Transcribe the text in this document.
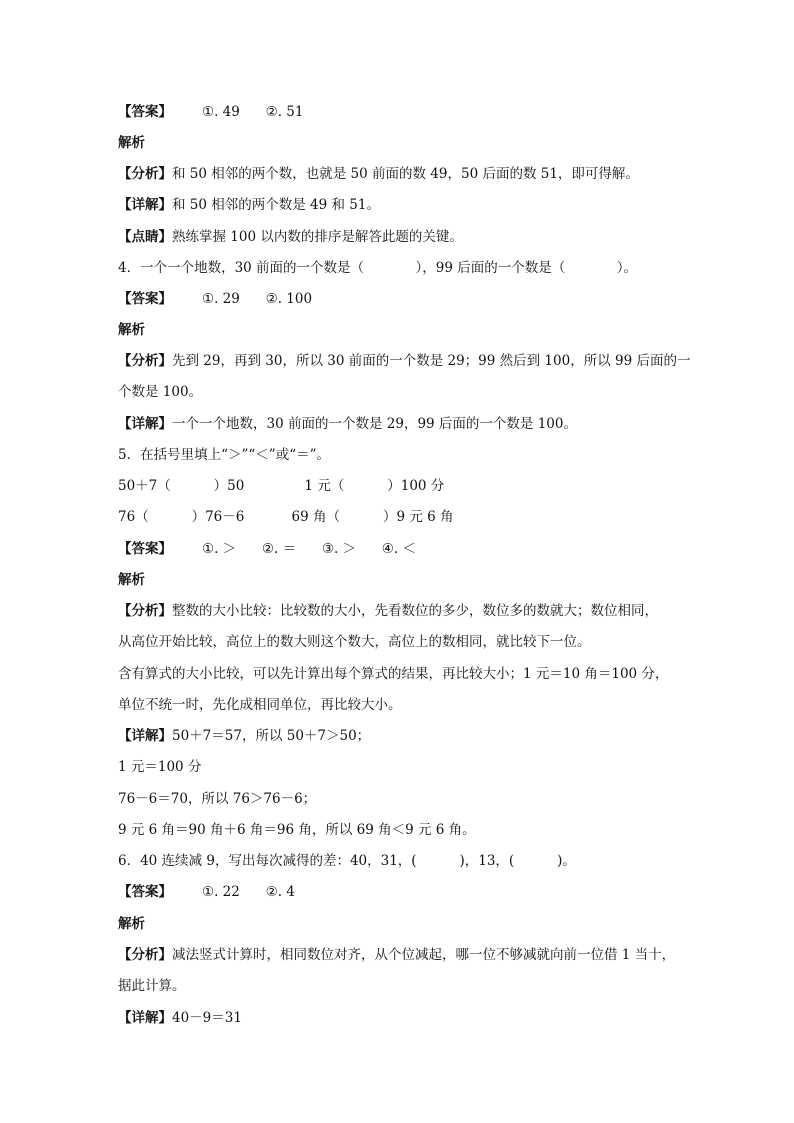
【答案】 ①. 49      ②. 51
解析
【分析】和 50 相邻的两个数，也就是 50 前面的数 49，50 后面的数 51，即可得解。
【详解】和 50 相邻的两个数是 49 和 51。
【点睛】熟练掌握 100 以内数的排序是解答此题的关键。
4．一个一个地数，30 前面的一个数是（            ），99 后面的一个数是（            ）。
【答案】 ①. 29      ②. 100
解析
【分析】先到 29，再到 30，所以 30 前面的一个数是 29；99 然后到 100，所以 99 后面的一
个数是 100。
【详解】一个一个地数，30 前面的一个数是 29，99 后面的一个数是 100。
5．在括号里填上“＞”“＜”或“＝”。
50＋7（          ）50              1 元（          ）100 分
76（          ）76－6           69 角（          ）9 元 6 角
【答案】 ①. ＞      ②. ＝      ③. ＞      ④. ＜
解析
【分析】整数的大小比较：比较数的大小，先看数位的多少，数位多的数就大；数位相同，
从高位开始比较，高位上的数大则这个数大，高位上的数相同，就比较下一位。
含有算式的大小比较，可以先计算出每个算式的结果，再比较大小；1 元＝10 角＝100 分，
单位不统一时，先化成相同单位，再比较大小。
【详解】50＋7＝57，所以 50＋7＞50；
1 元＝100 分
76－6＝70，所以 76＞76－6；
9 元 6 角＝90 角＋6 角＝96 角，所以 69 角＜9 元 6 角。
6．40 连续减 9，写出每次减得的差：40，31，(          )，13，(          )。
【答案】 ①. 22      ②. 4
解析
【分析】减法竖式计算时，相同数位对齐，从个位减起，哪一位不够减就向前一位借 1 当十，
据此计算。
【详解】40－9＝31
